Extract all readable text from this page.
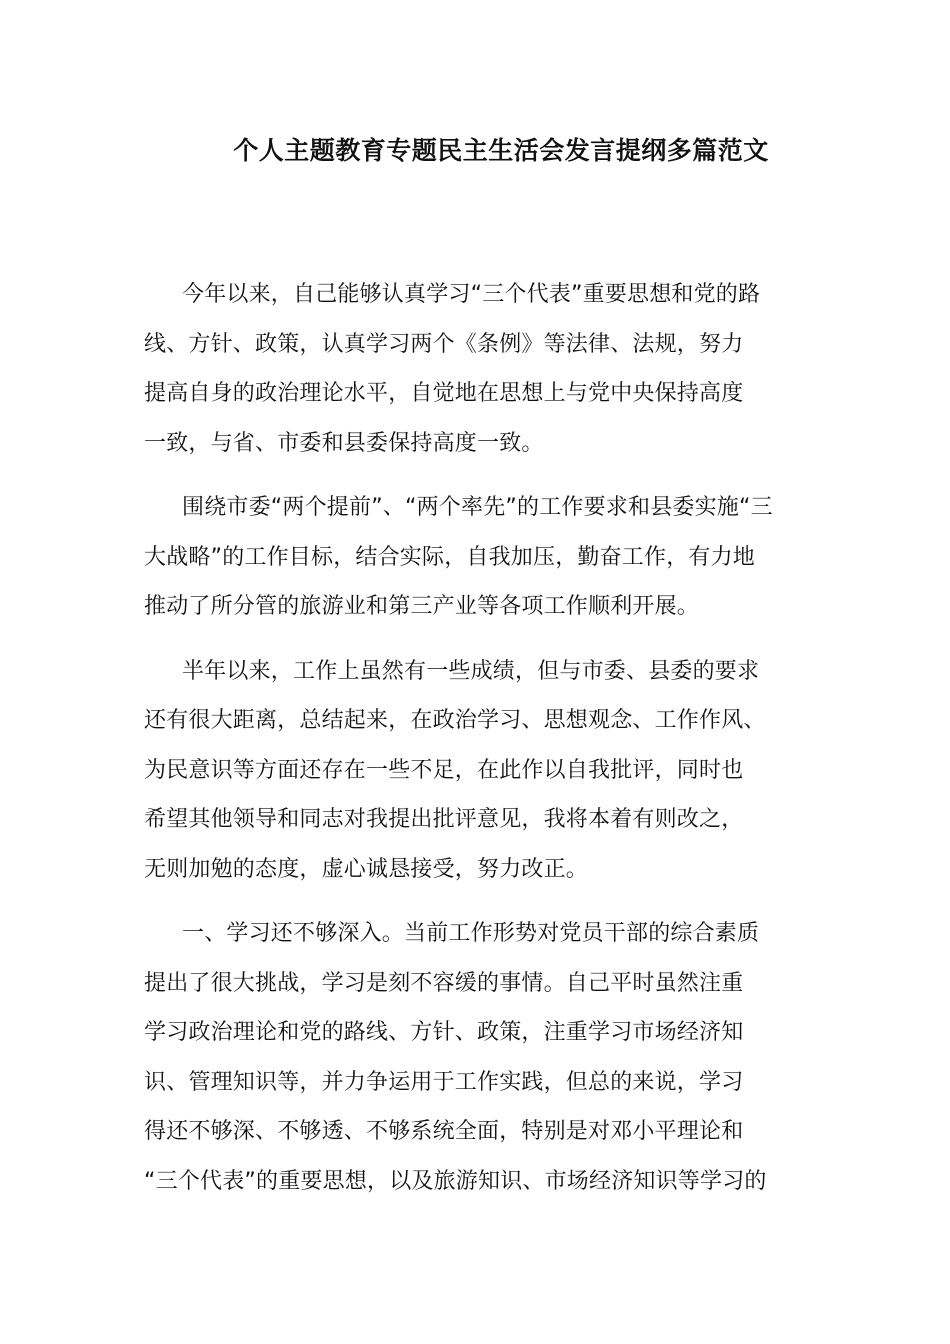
个人主题教育专题民主生活会发言提纲多篇范文

今年以来，自己能够认真学习“三个代表”重要思想和党的路
线、方针、政策，认真学习两个《条例》等法律、法规，努力
提高自身的政治理论水平，自觉地在思想上与党中央保持高度
一致，与省、市委和县委保持高度一致。

围绕市委“两个提前”、“两个率先”的工作要求和县委实施“三
大战略”的工作目标，结合实际，自我加压，勤奋工作，有力地
推动了所分管的旅游业和第三产业等各项工作顺利开展。

半年以来，工作上虽然有一些成绩，但与市委、县委的要求
还有很大距离，总结起来，在政治学习、思想观念、工作作风、
为民意识等方面还存在一些不足，在此作以自我批评，同时也
希望其他领导和同志对我提出批评意见，我将本着有则改之，
无则加勉的态度，虚心诚恳接受，努力改正。

一、学习还不够深入。当前工作形势对党员干部的综合素质
提出了很大挑战，学习是刻不容缓的事情。自己平时虽然注重
学习政治理论和党的路线、方针、政策，注重学习市场经济知
识、管理知识等，并力争运用于工作实践，但总的来说，学习
得还不够深、不够透、不够系统全面，特别是对邓小平理论和
“三个代表”的重要思想，以及旅游知识、市场经济知识等学习的
